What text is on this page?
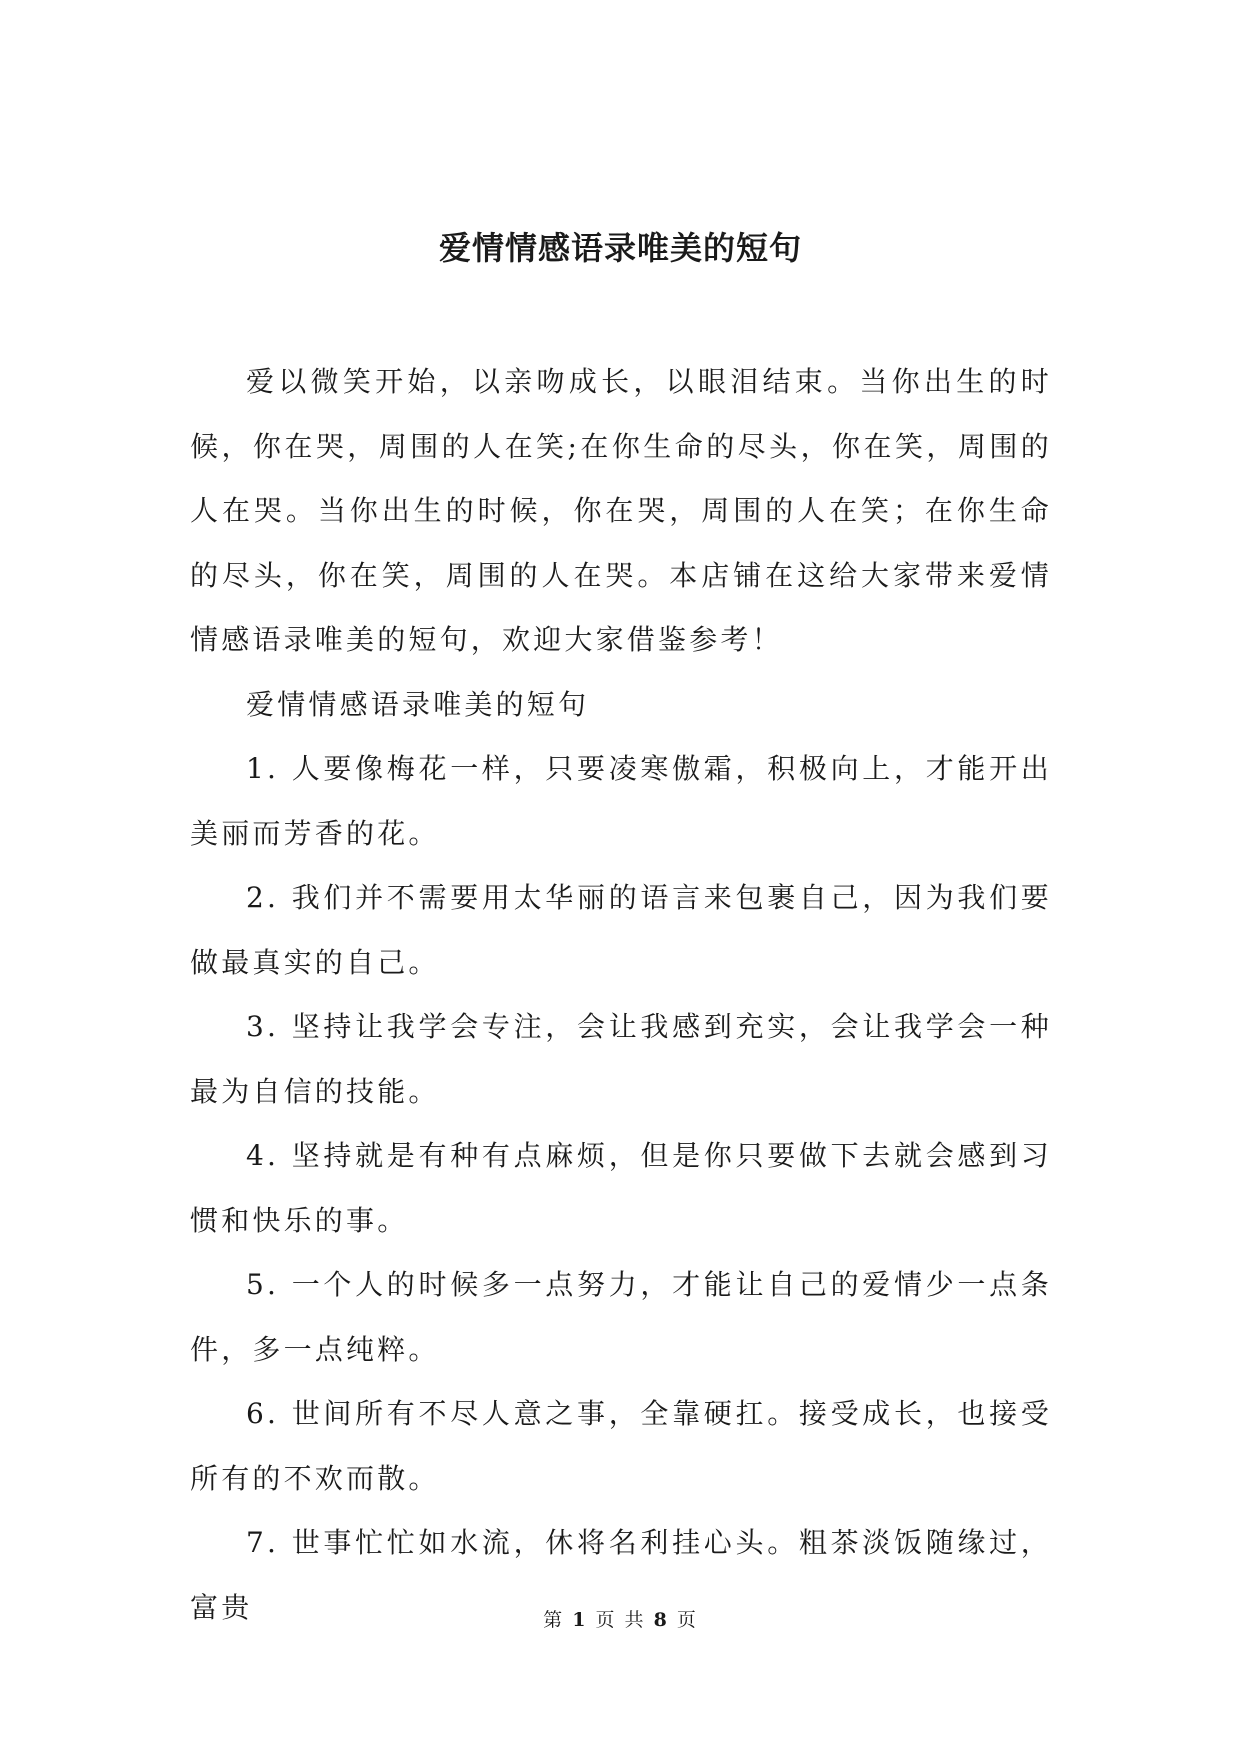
爱情情感语录唯美的短句

爱以微笑开始，以亲吻成长，以眼泪结束。当你出生的时候，你在哭，周围的人在笑;在你生命的尽头，你在笑，周围的人在哭。当你出生的时候，你在哭，周围的人在笑；在你生命的尽头，你在笑，周围的人在哭。本店铺在这给大家带来爱情情感语录唯美的短句，欢迎大家借鉴参考！

爱情情感语录唯美的短句

1. 人要像梅花一样，只要凌寒傲霜，积极向上，才能开出美丽而芳香的花。

2. 我们并不需要用太华丽的语言来包裹自己，因为我们要做最真实的自己。

3. 坚持让我学会专注，会让我感到充实，会让我学会一种最为自信的技能。

4. 坚持就是有种有点麻烦，但是你只要做下去就会感到习惯和快乐的事。

5. 一个人的时候多一点努力，才能让自己的爱情少一点条件，多一点纯粹。

6. 世间所有不尽人意之事，全靠硬扛。接受成长，也接受所有的不欢而散。

7. 世事忙忙如水流，休将名利挂心头。粗茶淡饭随缘过，富贵	第 1 页 共 8 页
